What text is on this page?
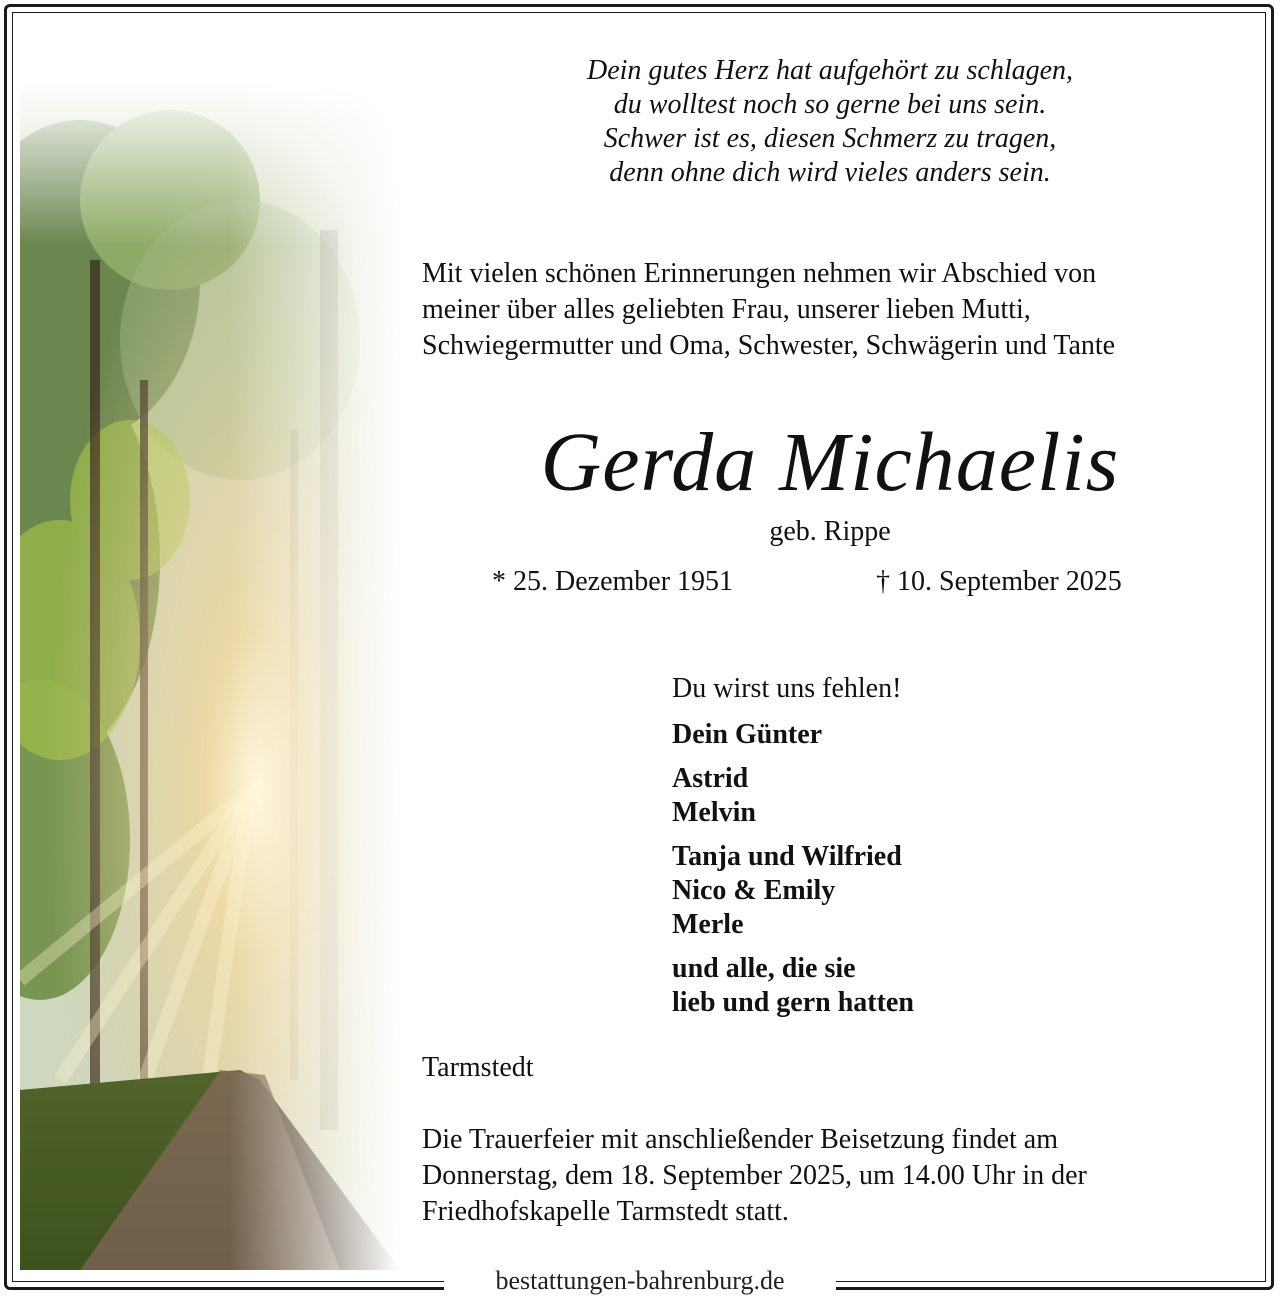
Dein gutes Herz hat aufgehört zu schlagen,
du wolltest noch so gerne bei uns sein.
Schwer ist es, diesen Schmerz zu tragen,
denn ohne dich wird vieles anders sein.
Mit vielen schönen Erinnerungen nehmen wir Abschied von
meiner über alles geliebten Frau, unserer lieben Mutti,
Schwiegermutter und Oma, Schwester, Schwägerin und Tante
Gerda Michaelis
geb. Rippe
* 25. Dezember 1951	† 10. September 2025
Du wirst uns fehlen!
Dein Günter
Astrid
Melvin
Tanja und Wilfried
Nico & Emily
Merle
und alle, die sie
lieb und gern hatten
Tarmstedt
Die Trauerfeier mit anschließender Beisetzung findet am
Donnerstag, dem 18. September 2025, um 14.00 Uhr in der
Friedhofskapelle Tarmstedt statt.
bestattungen-bahrenburg.de
